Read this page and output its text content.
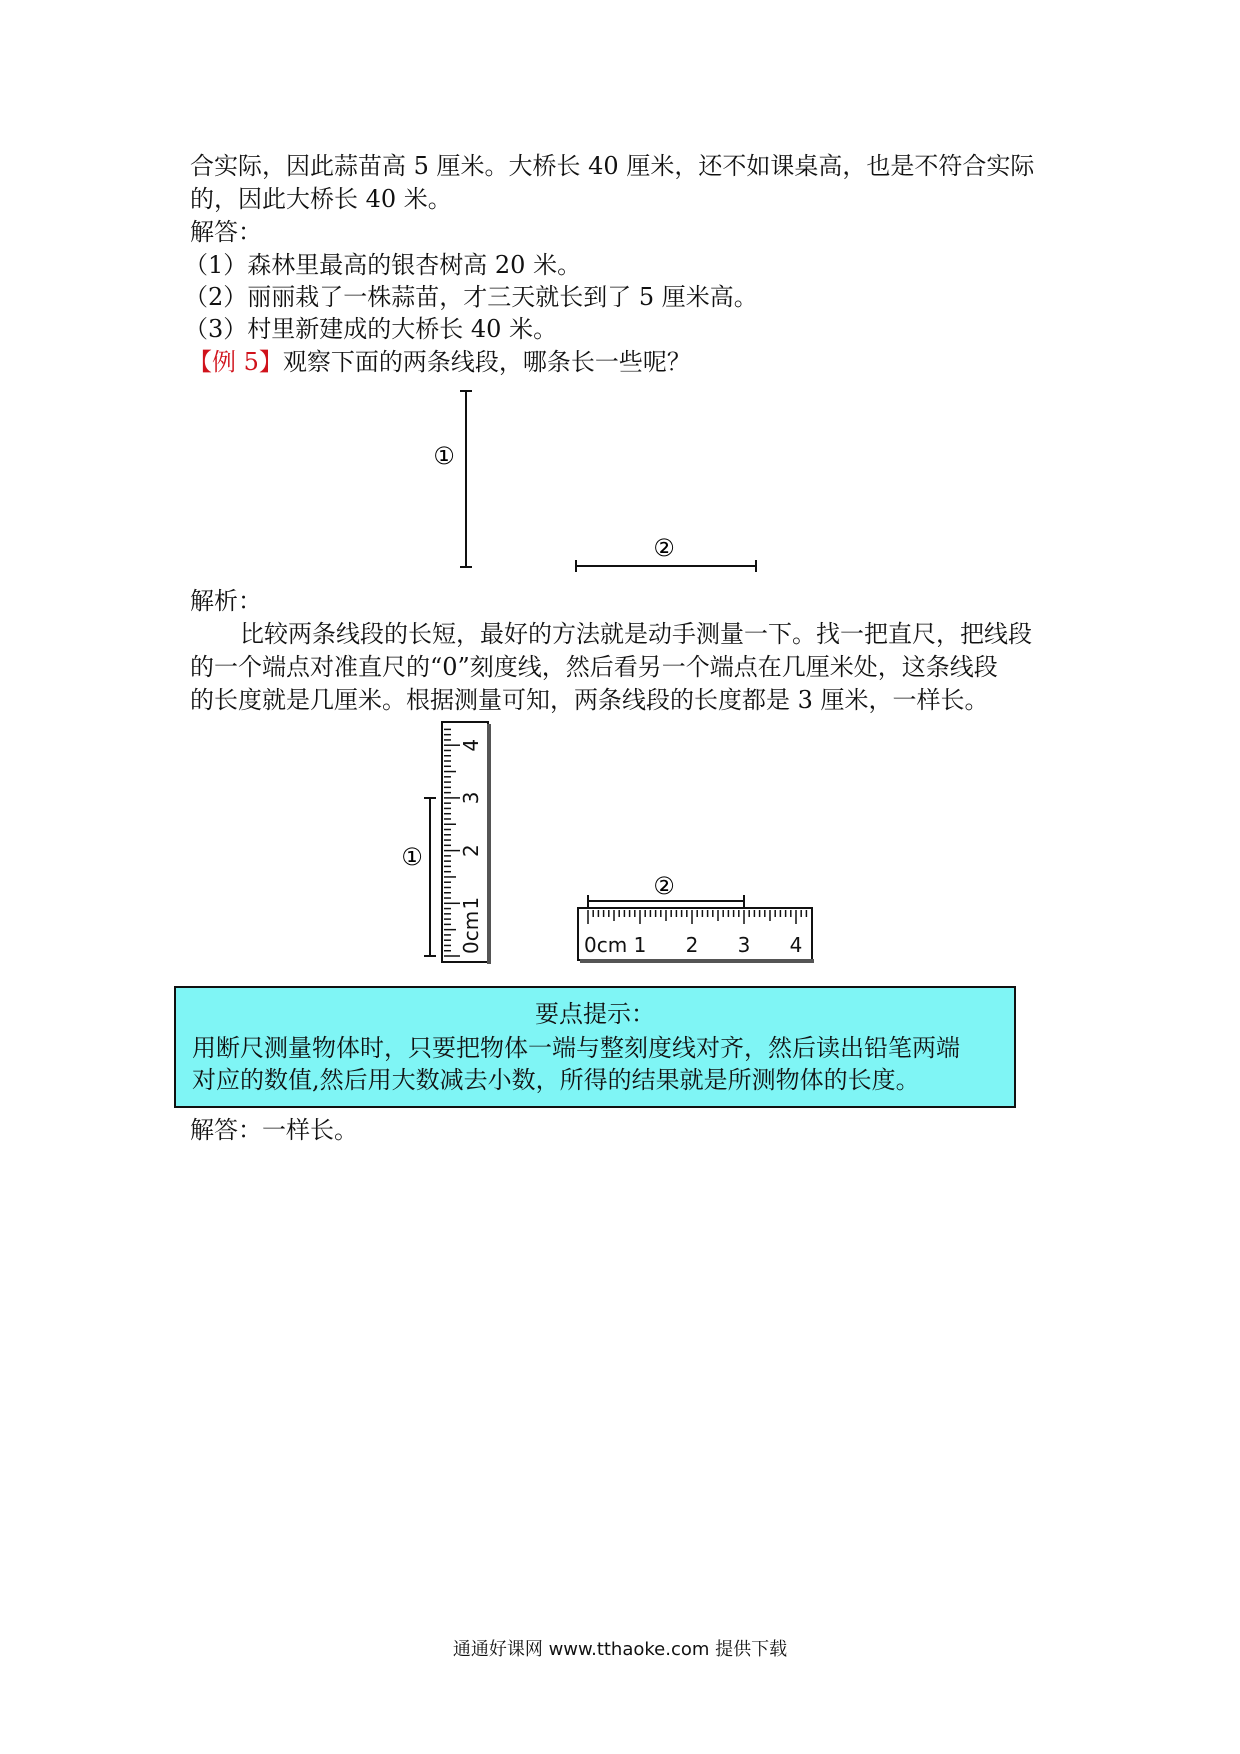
合实际，因此蒜苗高 5 厘米。大桥长 40 厘米，还不如课桌高，也是不符合实际
的，因此大桥长 40 米。
解答：
（1）森林里最高的银杏树高 20 米。
（2）丽丽栽了一株蒜苗，才三天就长到了 5 厘米高。
（3）村里新建成的大桥长 40 米。
【例 5】观察下面的两条线段，哪条长一些呢？
①
②
解析：
比较两条线段的长短，最好的方法就是动手测量一下。找一把直尺，把线段
的一个端点对准直尺的“0”刻度线，然后看另一个端点在几厘米处，这条线段
的长度就是几厘米。根据测量可知，两条线段的长度都是 3 厘米，一样长。
0cm
1
2
3
4
①
0cm 1 2 3 4
②
要点提示：
用断尺测量物体时，只要把物体一端与整刻度线对齐，然后读出铅笔两端
对应的数值,然后用大数减去小数，所得的结果就是所测物体的长度。
解答：一样长。
通通好课网 www.tthaoke.com 提供下载
